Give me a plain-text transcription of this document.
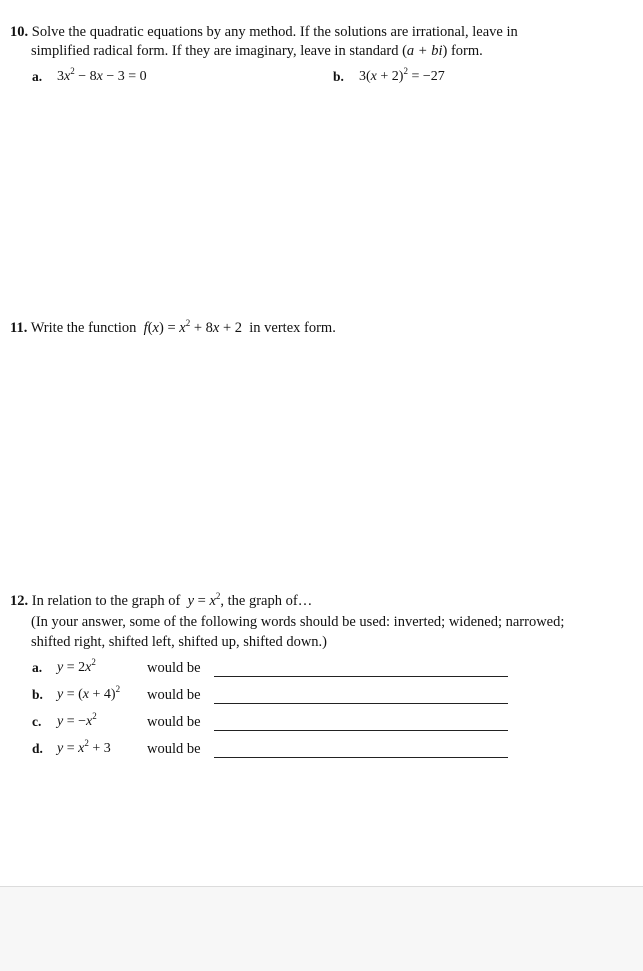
10. Solve the quadratic equations by any method. If the solutions are irrational, leave in
simplified radical form. If they are imaginary, leave in standard (a + bi) form.
a. $3x^2 - 8x - 3 = 0$	b. $3(x + 2)^2 = -27$
11. Write the function $f(x) = x^2 + 8x + 2$  in vertex form.
12. In relation to the graph of $y = x^2$, the graph of…
(In your answer, some of the following words should be used: inverted; widened; narrowed;
shifted right, shifted left, shifted up, shifted down.)
a. $y = 2x^2$	would be
b. $y = (x + 4)^2$ would be
c. $y = -x^2$	would be
d. $y = x^2 + 3$	would be
